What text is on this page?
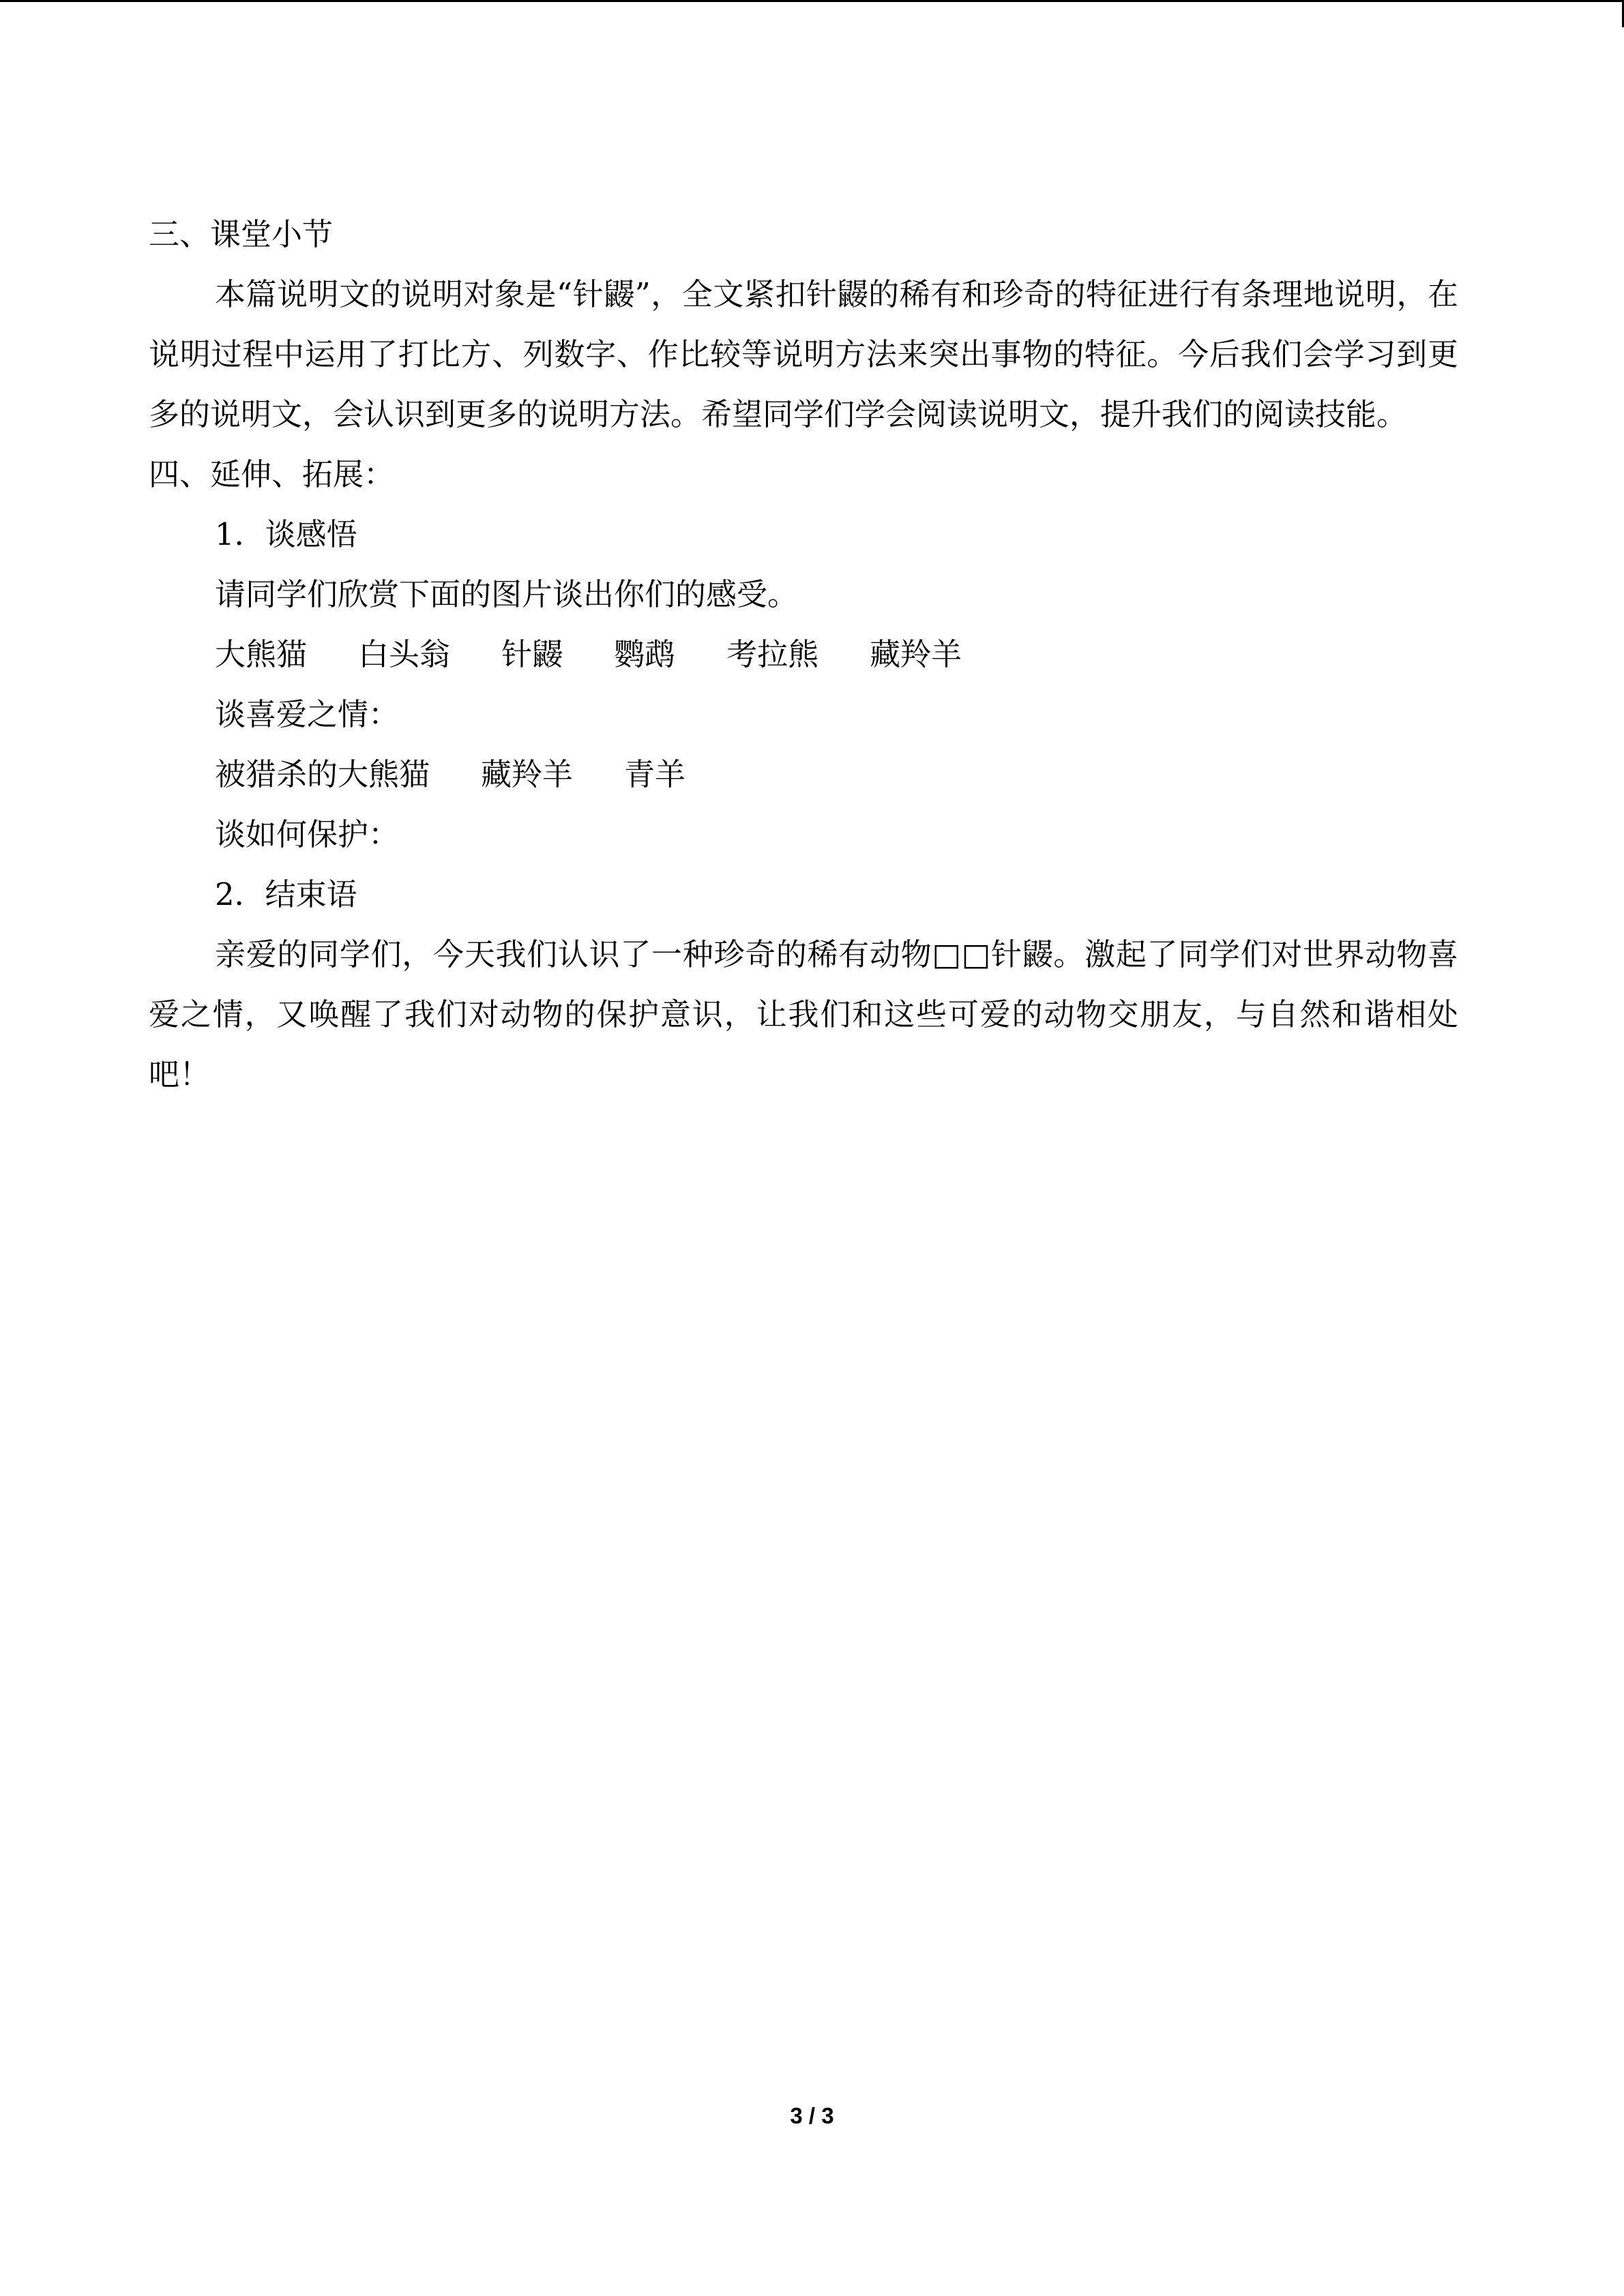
三、课堂小节
本篇说明文的说明对象是“针鼹”，全文紧扣针鼹的稀有和珍奇的特征进行有条理地说明，在说明过程中运用了打比方、列数字、作比较等说明方法来突出事物的特征。今后我们会学习到更多的说明文，会认识到更多的说明方法。希望同学们学会阅读说明文，提升我们的阅读技能。
四、延伸、拓展：
1．谈感悟
请同学们欣赏下面的图片谈出你们的感受。
大熊猫 白头翁 针鼹 鹦鹉 考拉熊 藏羚羊
谈喜爱之情：
被猎杀的大熊猫 藏羚羊 青羊
谈如何保护：
2．结束语
亲爱的同学们，今天我们认识了一种珍奇的稀有动物□□针鼹。激起了同学们对世界动物喜爱之情，又唤醒了我们对动物的保护意识，让我们和这些可爱的动物交朋友，与自然和谐相处吧！
3 / 3
